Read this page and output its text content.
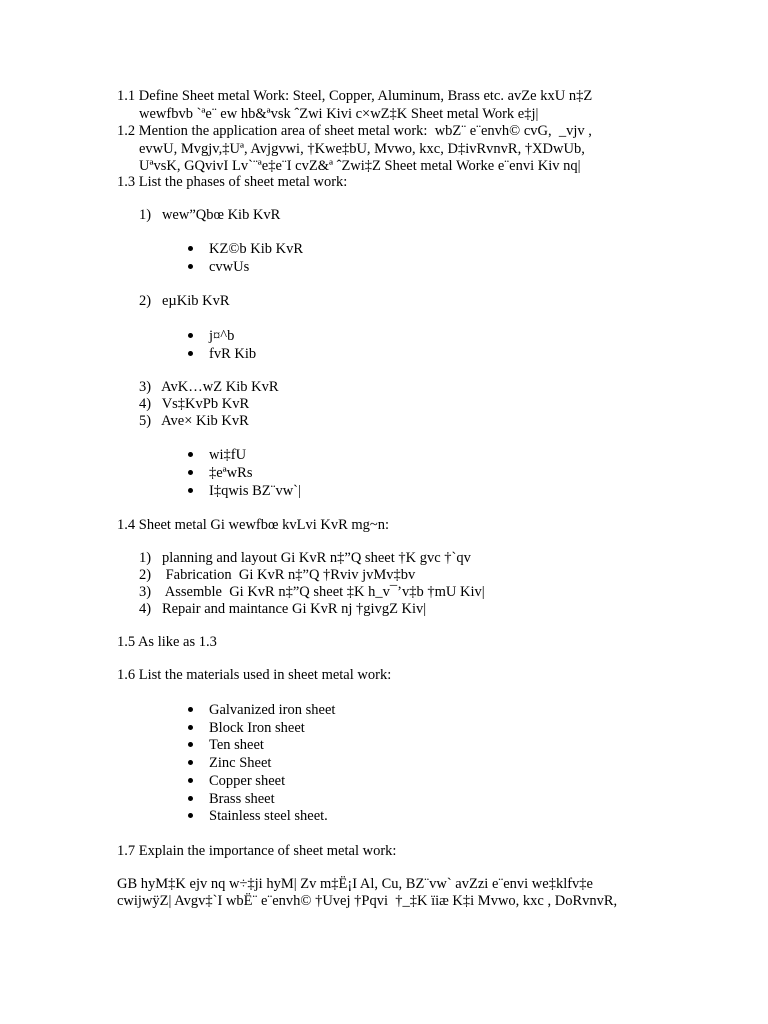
1.1 Define Sheet metal Work: Steel, Copper, Aluminum, Brass etc. avZe kxU n‡Z
wewfbvb `ªe¨ ew hb&ªvsk ˆZwi Kivi c×wZ‡K Sheet metal Work e‡j|
1.2 Mention the application area of sheet metal work:  wbZ¨ e¨envh© cvG,  _vjv ,
evwU, Mvgjv,‡Uª, Avjgvwi, †Kwe‡bU, Mvwo, kxc, D‡ivRvnvR, †XDwUb,
UªvsK, GQvivI Lv`¨ªe‡e¨I cvZ&ª ˆZwi‡Z Sheet metal Worke e¨envi Kiv nq|
1.3 List the phases of sheet metal work:
1)   wew”Qbœ Kib KvR
KZ©b Kib KvR
cvwUs
2)   eµKib KvR
j¤^b
fvR Kib
3)   AvK…wZ Kib KvR
4)   Vs‡KvPb KvR
5)   Ave× Kib KvR
wi‡fU
‡eªwRs
I‡qwis BZ¨vw`|
1.4 Sheet metal Gi wewfbœ kvLvi KvR mg~n:
1)   planning and layout Gi KvR n‡”Q sheet †K gvc †`qv
2)    Fabrication  Gi KvR n‡”Q †Rviv jvMv‡bv
3)    Assemble  Gi KvR n‡”Q sheet ‡K h_v¯’v‡b †mU Kiv|
4)   Repair and maintance Gi KvR nj †givgZ Kiv|
1.5 As like as 1.3
1.6 List the materials used in sheet metal work:
Galvanized iron sheet
Block Iron sheet
Ten sheet
Zinc Sheet
Copper sheet
Brass sheet
Stainless steel sheet.
1.7 Explain the importance of sheet metal work:
GB hyM‡K ejv nq w÷‡ji hyM| Zv m‡Ë¡I Al, Cu, BZ¨vw` avZzi e¨envi we‡klfv‡e
cwijwÿZ| Avgv‡`I wbË¨ e¨envh© †Uvej †Pqvi  †_‡K ïiæ K‡i Mvwo, kxc , DoRvnvR,
